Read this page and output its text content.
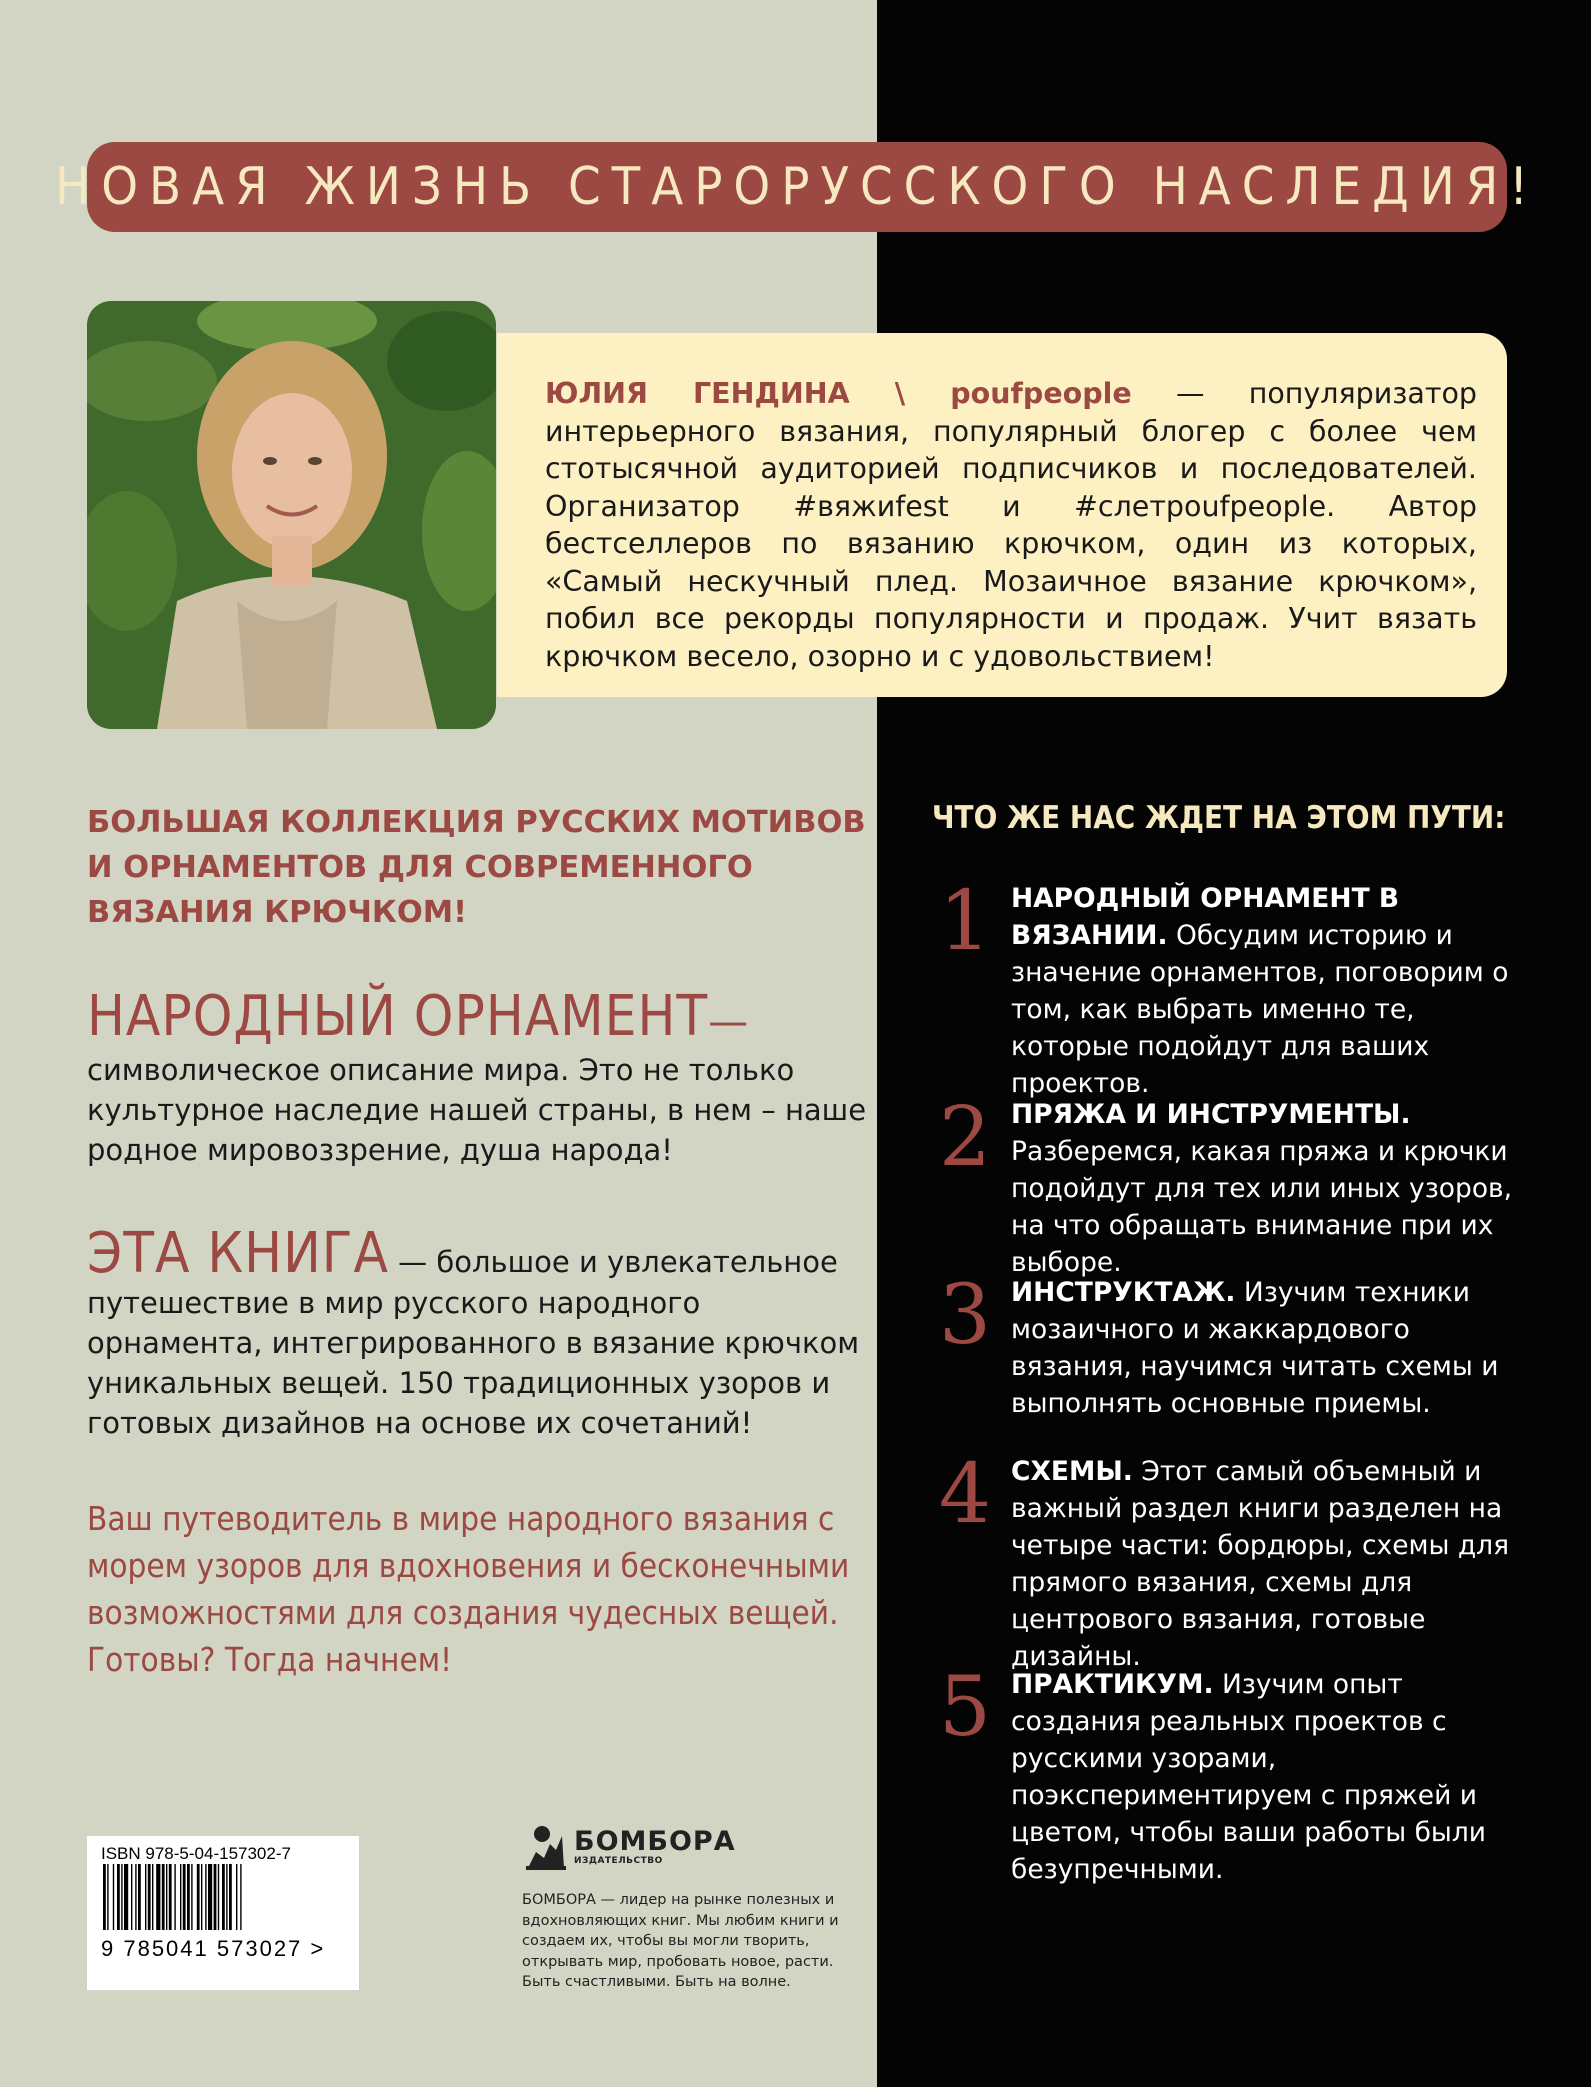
НОВАЯ ЖИЗНЬ СТАРОРУССКОГО НАСЛЕДИЯ!
ЮЛИЯ ГЕНДИНА \ poufpeople — популяризатор интерьерного вязания, популярный блогер с более чем стотысячной аудиторией подписчиков и последователей. Организатор #вяжиfest и #слетpoufpeople. Автор бестселлеров по вязанию крючком, один из которых, «Самый нескучный плед. Мозаичное вязание крючком», побил все рекорды популярности и продаж. Учит вязать крючком весело, озорно и с удовольствием!
БОЛЬШАЯ КОЛЛЕКЦИЯ РУССКИХ МОТИВОВ И ОРНАМЕНТОВ ДЛЯ СОВРЕМЕННОГО ВЯЗАНИЯ КРЮЧКОМ!
НАРОДНЫЙ ОРНАМЕНТ—
символическое описание мира. Это не только культурное наследие нашей страны, в нем – наше родное мировоззрение, душа народа!
ЭТА КНИГА — большое и увлекательное путешествие в мир русского народного орнамента, интегрированного в вязание крючком уникальных вещей. 150 традиционных узоров и готовых дизайнов на основе их сочетаний!
Ваш путеводитель в мире народного вязания с морем узоров для вдохновения и бесконечными возможностями для создания чудесных вещей. Готовы? Тогда начнем!
ISBN 978-5-04-157302-7
9 785041 573027 >
БОМБОРА
ИЗДАТЕЛЬСТВО
БОМБОРА — лидер на рынке полезных и вдохновляющих книг. Мы любим книги и создаем их, чтобы вы могли творить, открывать мир, пробовать новое, расти. Быть счастливыми. Быть на волне.
ЧТО ЖЕ НАС ЖДЕТ НА ЭТОМ ПУТИ:
1 НАРОДНЫЙ ОРНАМЕНТ В ВЯЗАНИИ. Обсудим историю и значение орнаментов, поговорим о том, как выбрать именно те, которые подойдут для ваших проектов.
2 ПРЯЖА И ИНСТРУМЕНТЫ. Разберемся, какая пряжа и крючки подойдут для тех или иных узоров, на что обращать внимание при их выборе.
3 ИНСТРУКТАЖ. Изучим техники мозаичного и жаккардового вязания, научимся читать схемы и выполнять основные приемы.
4 СХЕМЫ. Этот самый объемный и важный раздел книги разделен на четыре части: бордюры, схемы для прямого вязания, схемы для центрового вязания, готовые дизайны.
5 ПРАКТИКУМ. Изучим опыт создания реальных проектов с русскими узорами, поэкспериментируем с пряжей и цветом, чтобы ваши работы были безупречными.
